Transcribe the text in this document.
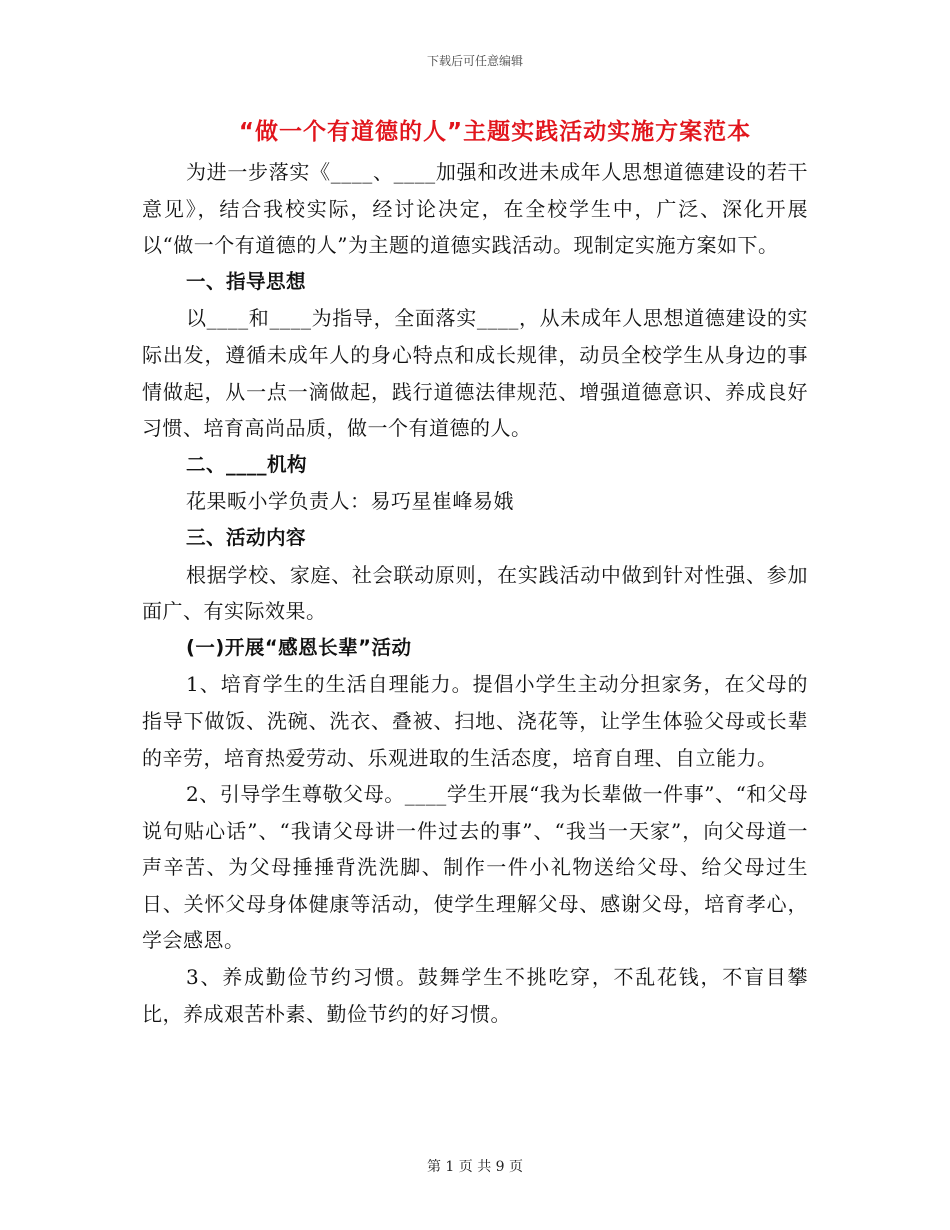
下载后可任意编辑
“做一个有道德的人”主题实践活动实施方案范本

为进一步落实《____、____加强和改进未成年人思想道德建设的若干意见》，结合我校实际，经讨论决定，在全校学生中，广泛、深化开展以“做一个有道德的人”为主题的道德实践活动。现制定实施方案如下。

一、指导思想

以____和____为指导，全面落实____，从未成年人思想道德建设的实际出发，遵循未成年人的身心特点和成长规律，动员全校学生从身边的事情做起，从一点一滴做起，践行道德法律规范、增强道德意识、养成良好习惯、培育高尚品质，做一个有道德的人。

二、____机构

花果畈小学负责人：易巧星崔峰易娥

三、活动内容

根据学校、家庭、社会联动原则，在实践活动中做到针对性强、参加面广、有实际效果。

(一)开展“感恩长辈”活动

1、培育学生的生活自理能力。提倡小学生主动分担家务，在父母的指导下做饭、洗碗、洗衣、叠被、扫地、浇花等，让学生体验父母或长辈的辛劳，培育热爱劳动、乐观进取的生活态度，培育自理、自立能力。

2、引导学生尊敬父母。____学生开展“我为长辈做一件事”、“和父母说句贴心话”、“我请父母讲一件过去的事”、“我当一天家”，向父母道一声辛苦、为父母捶捶背洗洗脚、制作一件小礼物送给父母、给父母过生日、关怀父母身体健康等活动，使学生理解父母、感谢父母，培育孝心，学会感恩。

3、养成勤俭节约习惯。鼓舞学生不挑吃穿，不乱花钱，不盲目攀比，养成艰苦朴素、勤俭节约的好习惯。

第 1 页 共 9 页
